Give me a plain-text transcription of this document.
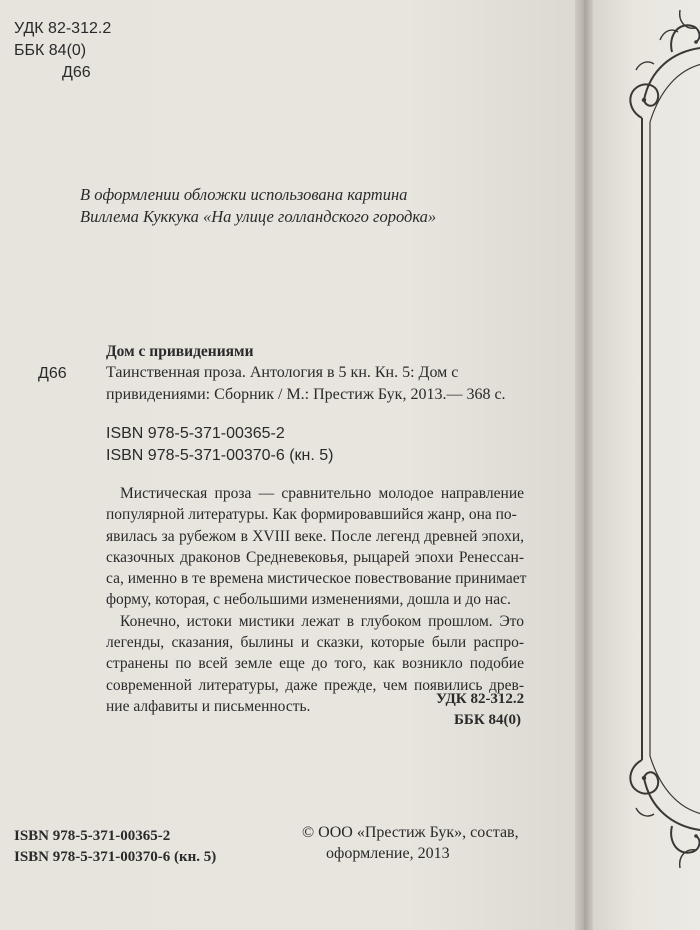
УДК 82-312.2
ББК 84(0)
Д66
В оформлении обложки использована картина
Виллема Куккука «На улице голландского городка»
Дом с привидениями
Д66 Таинственная проза. Антология в 5 кн. Кн. 5: Дом с
привидениями: Сборник / М.: Престиж Бук, 2013.— 368 с.
ISBN 978-5-371-00365-2
ISBN 978-5-371-00370-6 (кн. 5)
Мистическая проза — сравнительно молодое направление
популярной литературы. Как формировавшийся жанр, она по-
явилась за рубежом в XVIII веке. После легенд древней эпохи,
сказочных драконов Средневековья, рыцарей эпохи Ренессан-
са, именно в те времена мистическое повествование принимает
форму, которая, с небольшими изменениями, дошла и до нас.
Конечно, истоки мистики лежат в глубоком прошлом. Это
легенды, сказания, былины и сказки, которые были распро-
странены по всей земле еще до того, как возникло подобие
современной литературы, даже прежде, чем появились древ-
ние алфавиты и письменность.	УДК 82-312.2
ББК 84(0)
ISBN 978-5-371-00365-2
ISBN 978-5-371-00370-6 (кн. 5)
© ООО «Престиж Бук», состав,
оформление, 2013
